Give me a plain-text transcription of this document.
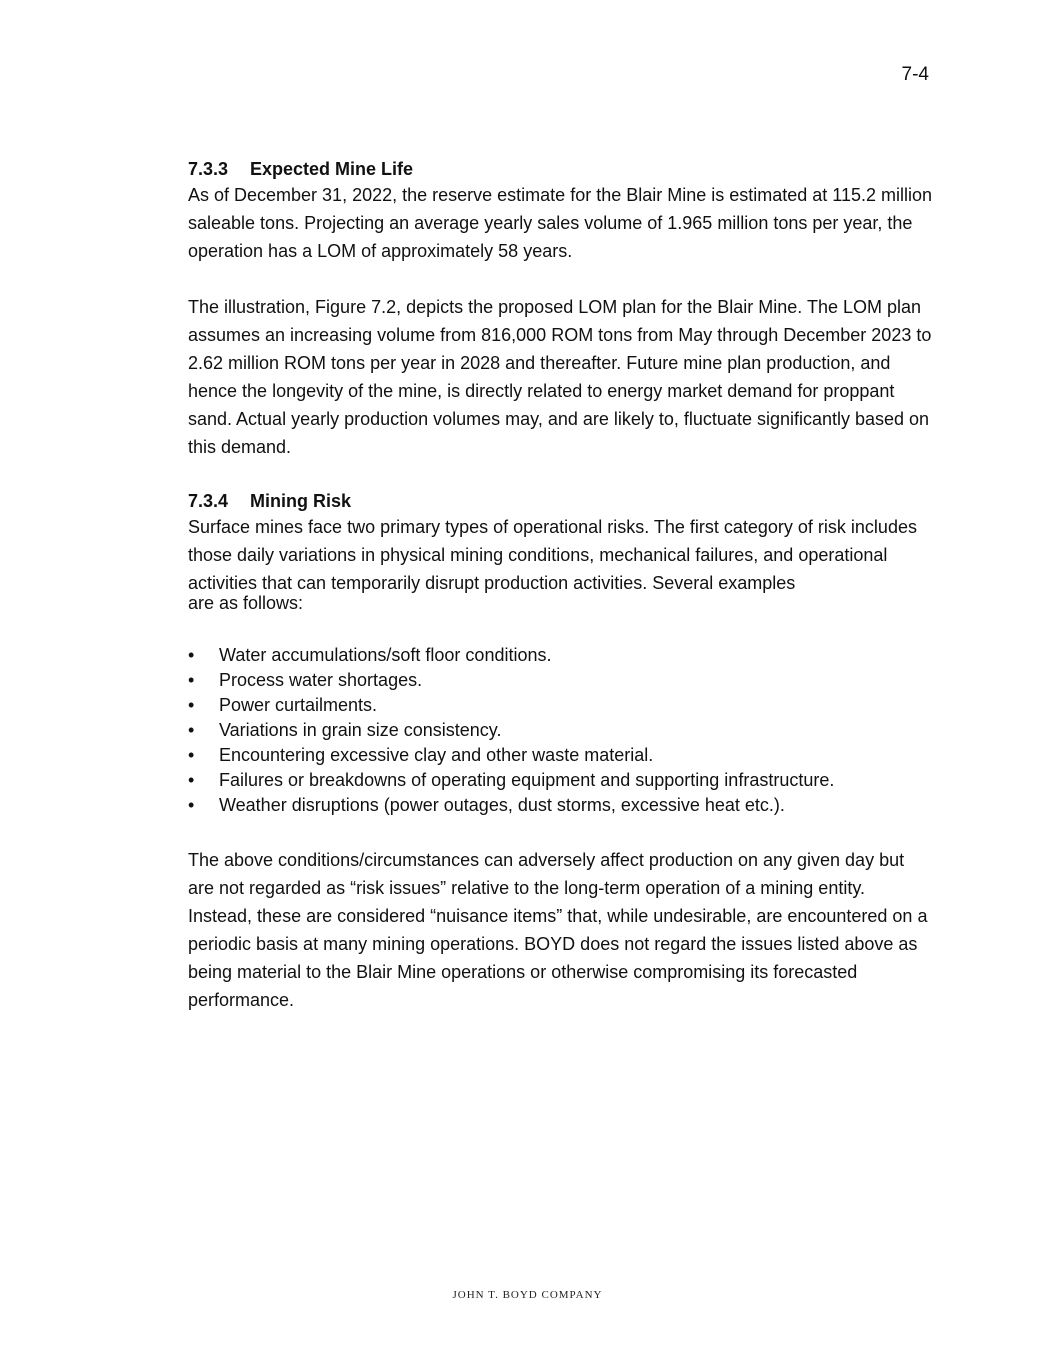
7-4
7.3.3 Expected Mine Life

As of December 31, 2022, the reserve estimate for the Blair Mine is estimated at 115.2 million saleable tons. Projecting an average yearly sales volume of 1.965 million tons per year, the operation has a LOM of approximately 58 years.

The illustration, Figure 7.2, depicts the proposed LOM plan for the Blair Mine. The LOM plan assumes an increasing volume from 816,000 ROM tons from May through December 2023 to 2.62 million ROM tons per year in 2028 and thereafter. Future mine plan production, and hence the longevity of the mine, is directly related to energy market demand for proppant sand. Actual yearly production volumes may, and are likely to, fluctuate significantly based on this demand.

7.3.4 Mining Risk

Surface mines face two primary types of operational risks. The first category of risk includes those daily variations in physical mining conditions, mechanical failures, and operational activities that can temporarily disrupt production activities. Several examples
are as follows:

• Water accumulations/soft floor conditions.
• Process water shortages.
• Power curtailments.
• Variations in grain size consistency.
• Encountering excessive clay and other waste material.
• Failures or breakdowns of operating equipment and supporting infrastructure.
• Weather disruptions (power outages, dust storms, excessive heat etc.).

The above conditions/circumstances can adversely affect production on any given day but are not regarded as “risk issues” relative to the long-term operation of a mining entity. Instead, these are considered “nuisance items” that, while undesirable, are encountered on a periodic basis at many mining operations. BOYD does not regard the issues listed above as being material to the Blair Mine operations or otherwise compromising its forecasted performance.

JOHN T. BOYD COMPANY
